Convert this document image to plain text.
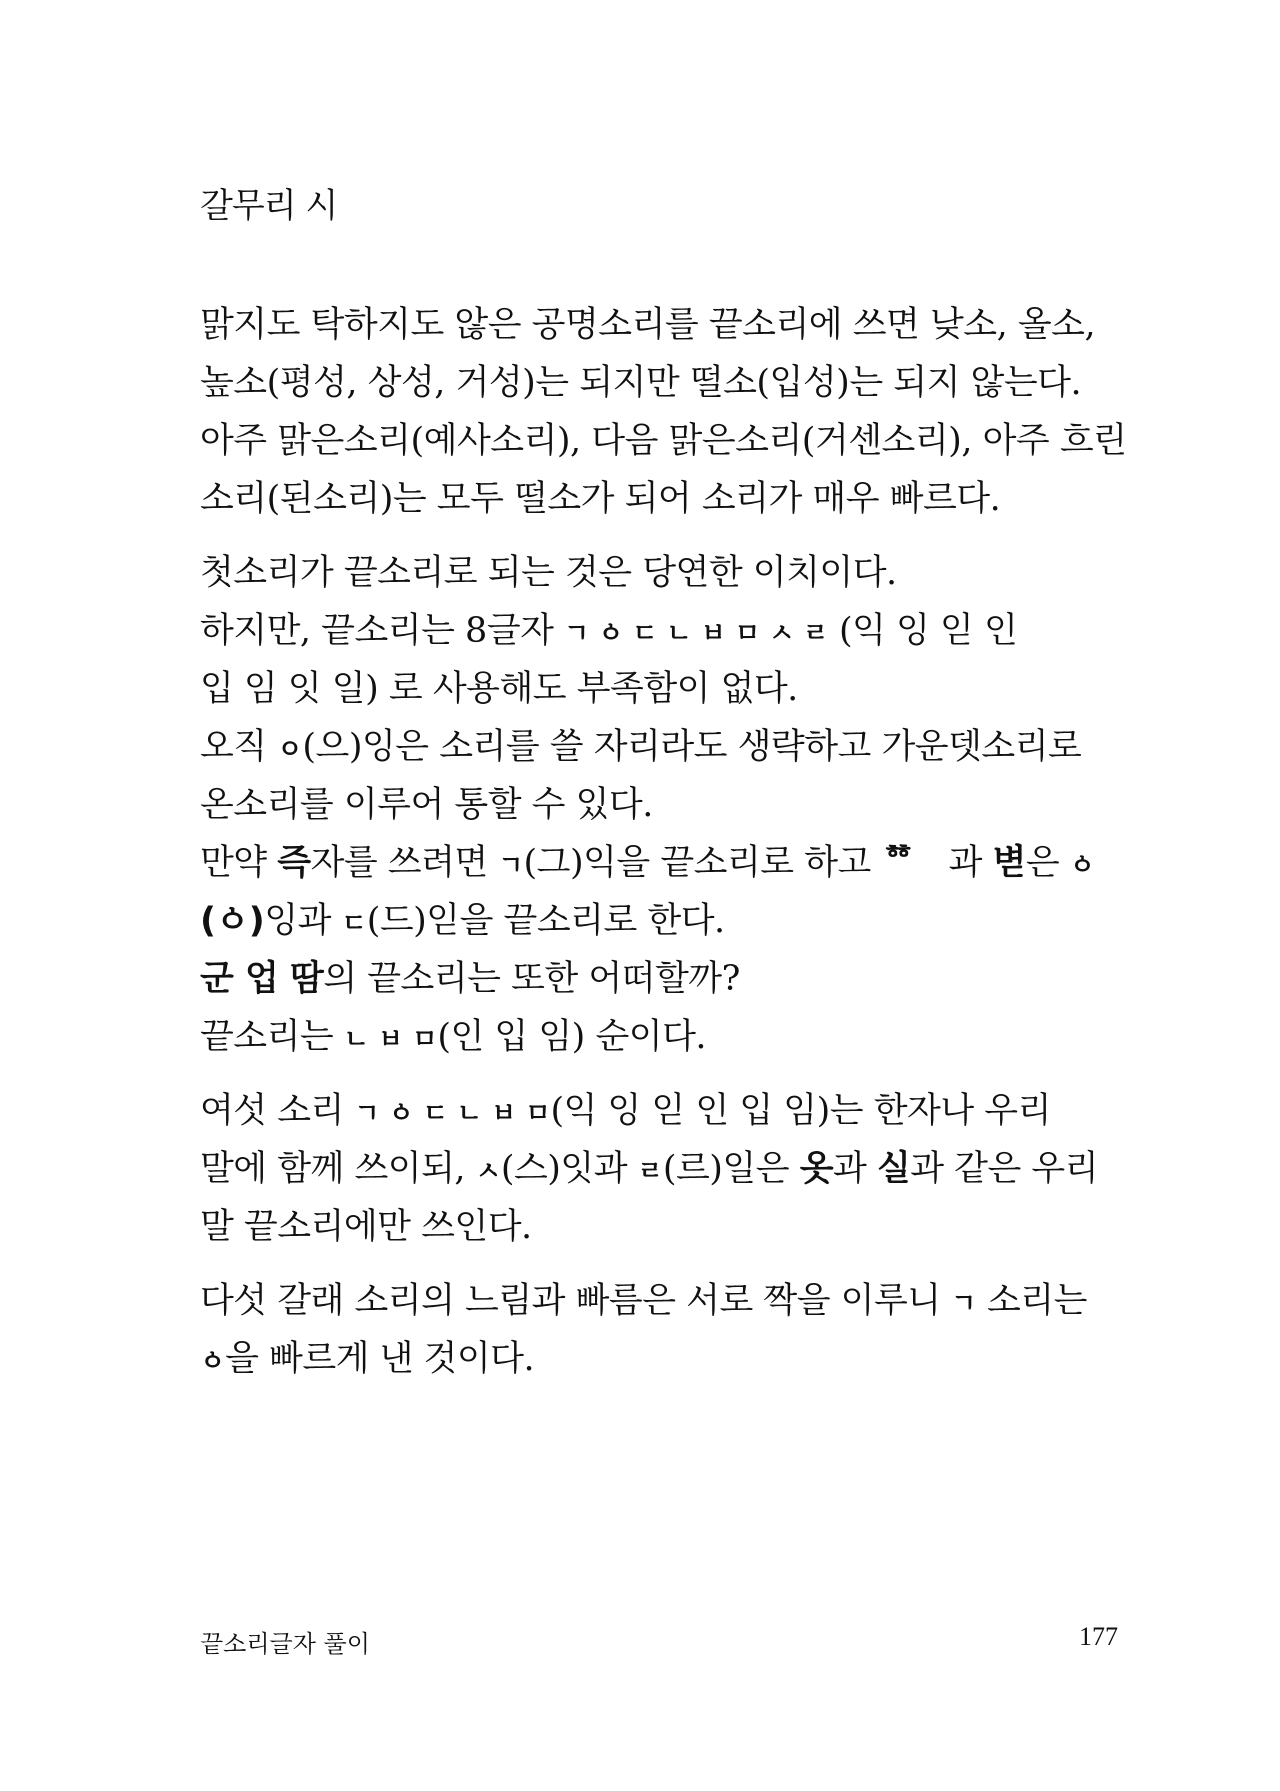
갈무리 시
맑지도 탁하지도 않은 공명소리를 끝소리에 쓰면 낮소, 올소,
높소(평성, 상성, 거성)는 되지만 떨소(입성)는 되지 않는다.
아주 맑은소리(예사소리), 다음 맑은소리(거센소리), 아주 흐린
소리(된소리)는 모두 떨소가 되어 소리가 매우 빠르다.
첫소리가 끝소리로 되는 것은 당연한 이치이다.
하지만, 끝소리는 8글자 ㄱ ㆁ ㄷ ㄴ ㅂ ㅁ ㅅ ㄹ (익 잉 읻 인
입 임 잇 일) 로 사용해도 부족함이 없다.
오직 ㅇ(으)잉은 소리를 쓸 자리라도 생략하고 가운뎃소리로
온소리를 이루어 통할 수 있다.
만약 즉자를 쓰려면 ㄱ(그)익을 끝소리로 하고 ᅘᅟ과 볃은 ㆁ
(ㆁ)잉과 ㄷ(드)읻을 끝소리로 한다.
군 업 땀의 끝소리는 또한 어떠할까?
끝소리는 ㄴ ㅂ ㅁ(인 입 임) 순이다.
여섯 소리 ㄱ ㆁ ㄷ ㄴ ㅂ ㅁ(익 잉 읻 인 입 임)는 한자나 우리
말에 함께 쓰이되, ㅅ(스)잇과 ㄹ(르)일은 옷과 실과 같은 우리
말 끝소리에만 쓰인다.
다섯 갈래 소리의 느림과 빠름은 서로 짝을 이루니 ㄱ 소리는
ㆁ을 빠르게 낸 것이다.
끝소리글자 풀이	177
